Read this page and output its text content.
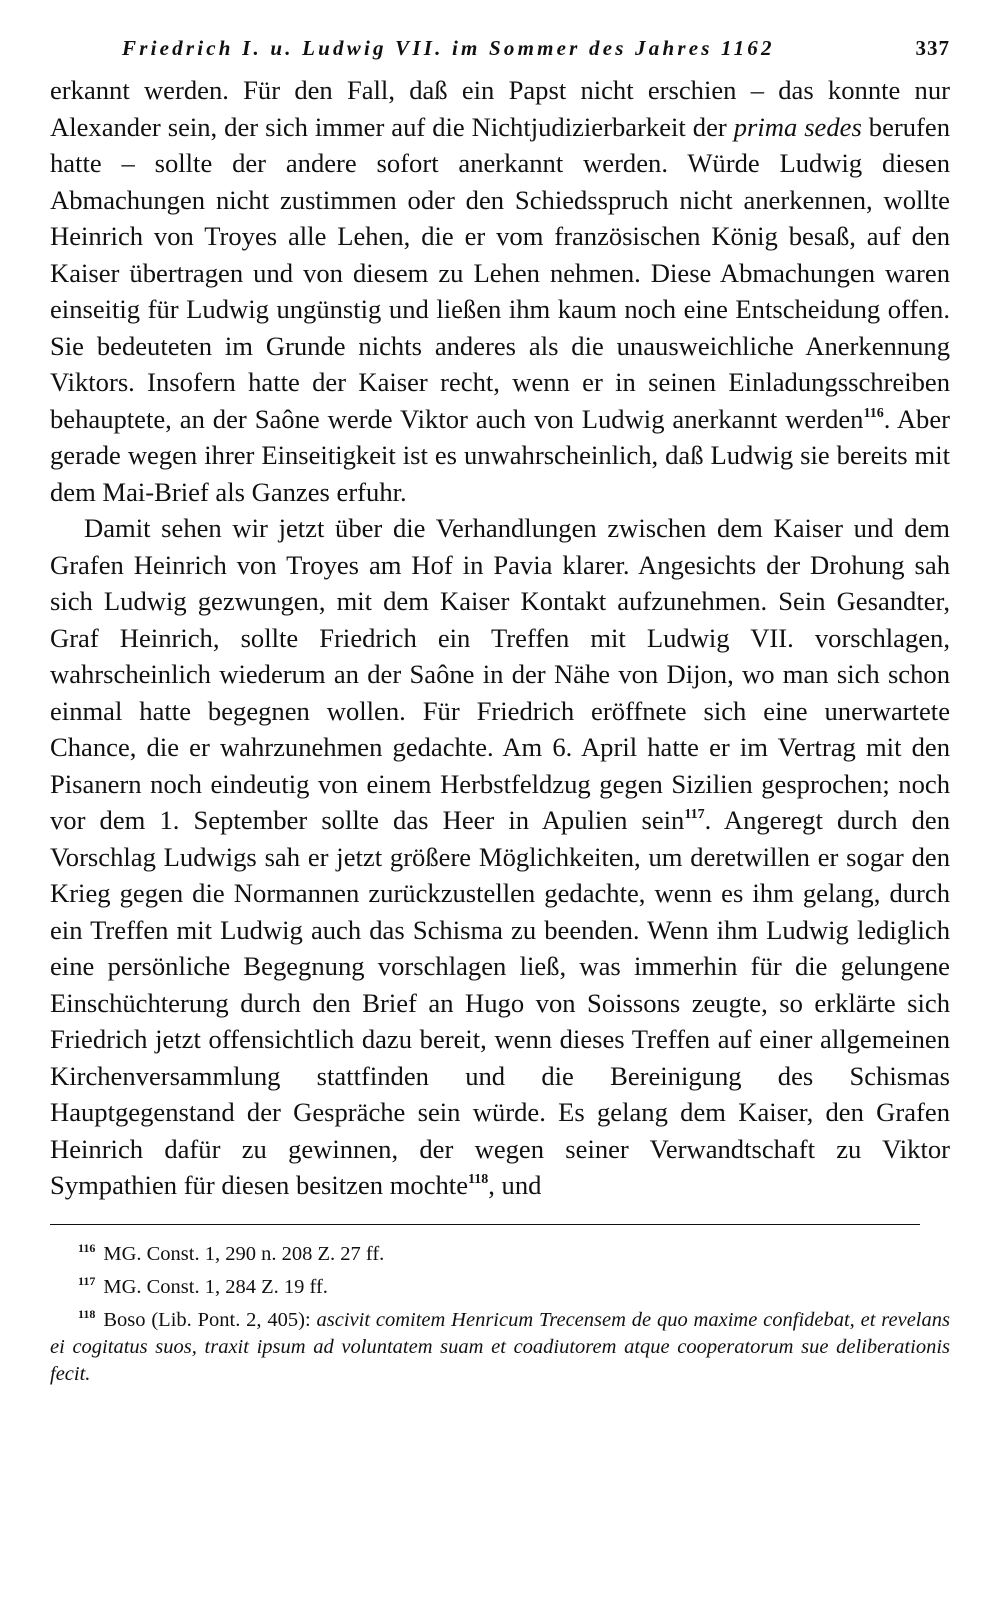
Friedrich I. u. Ludwig VII. im Sommer des Jahres 1162	337

erkannt werden. Für den Fall, daß ein Papst nicht erschien – das konnte nur Alexander sein, der sich immer auf die Nichtjudizierbarkeit der prima sedes berufen hatte – sollte der andere sofort anerkannt werden. Würde Ludwig diesen Abmachungen nicht zustimmen oder den Schiedsspruch nicht anerkennen, wollte Heinrich von Troyes alle Lehen, die er vom französischen König besaß, auf den Kaiser übertragen und von diesem zu Lehen nehmen. Diese Abmachungen waren einseitig für Ludwig ungünstig und ließen ihm kaum noch eine Entscheidung offen. Sie bedeuteten im Grunde nichts anderes als die unausweichliche Anerkennung Viktors. Insofern hatte der Kaiser recht, wenn er in seinen Einladungsschreiben behauptete, an der Saône werde Viktor auch von Ludwig anerkannt werden$^{116}$. Aber gerade wegen ihrer Einseitigkeit ist es unwahrscheinlich, daß Ludwig sie bereits mit dem Mai-Brief als Ganzes erfuhr.

Damit sehen wir jetzt über die Verhandlungen zwischen dem Kaiser und dem Grafen Heinrich von Troyes am Hof in Pavia klarer. Angesichts der Drohung sah sich Ludwig gezwungen, mit dem Kaiser Kontakt aufzunehmen. Sein Gesandter, Graf Heinrich, sollte Friedrich ein Treffen mit Ludwig VII. vorschlagen, wahrscheinlich wiederum an der Saône in der Nähe von Dijon, wo man sich schon einmal hatte begegnen wollen. Für Friedrich eröffnete sich eine unerwartete Chance, die er wahrzunehmen gedachte. Am 6. April hatte er im Vertrag mit den Pisanern noch eindeutig von einem Herbstfeldzug gegen Sizilien gesprochen; noch vor dem 1. September sollte das Heer in Apulien sein$^{117}$. Angeregt durch den Vorschlag Ludwigs sah er jetzt größere Möglichkeiten, um deretwillen er sogar den Krieg gegen die Normannen zurückzustellen gedachte, wenn es ihm gelang, durch ein Treffen mit Ludwig auch das Schisma zu beenden. Wenn ihm Ludwig lediglich eine persönliche Begegnung vorschlagen ließ, was immerhin für die gelungene Einschüchterung durch den Brief an Hugo von Soissons zeugte, so erklärte sich Friedrich jetzt offensichtlich dazu bereit, wenn dieses Treffen auf einer allgemeinen Kirchenversammlung stattfinden und die Bereinigung des Schismas Hauptgegenstand der Gespräche sein würde. Es gelang dem Kaiser, den Grafen Heinrich dafür zu gewinnen, der wegen seiner Verwandtschaft zu Viktor Sympathien für diesen besitzen mochte$^{118}$, und

$^{116}$ MG. Const. 1, 290 n. 208 Z. 27 ff.

$^{117}$ MG. Const. 1, 284 Z. 19 ff.

$^{118}$ Boso (Lib. Pont. 2, 405): ascivit comitem Henricum Trecensem de quo maxime confidebat, et revelans ei cogitatus suos, traxit ipsum ad voluntatem suam et coadiutorem atque cooperatorum sue deliberationis fecit.
